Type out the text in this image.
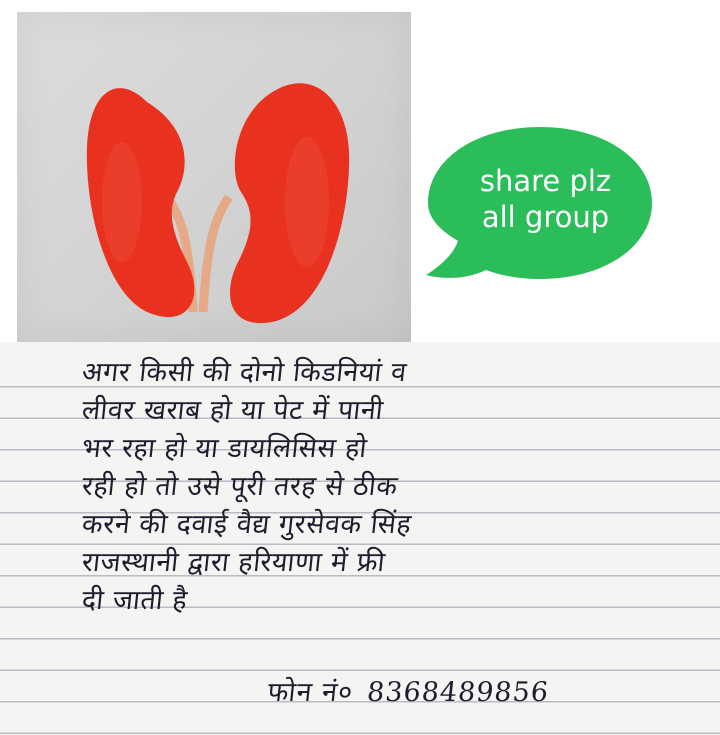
share plz
all group
अगर किसी की दोनो किडनियां व
लीवर खराब हो या पेट में पानी
भर रहा हो या डायलिसिस हो
रही हो तो उसे पूरी तरह से ठीक
करने की दवाई वैद्य गुरसेवक सिंह
राजस्थानी द्वारा हरियाणा में फ्री
दी जाती है
फोन नं० 8368489856
